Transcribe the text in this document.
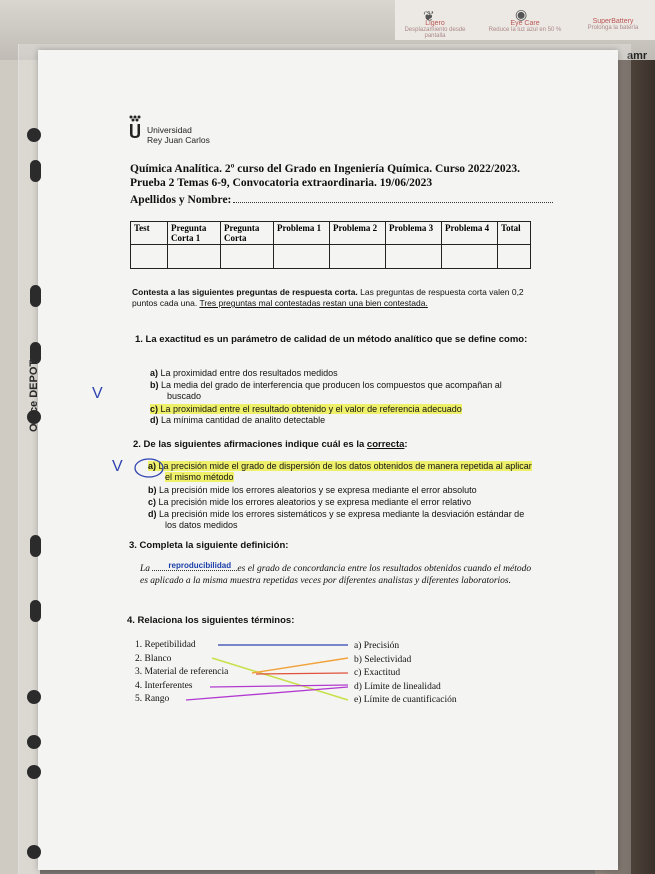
❦
Ligero
Desplazamiento desde pantalla
◉
Eye Care
Reduce la luz azul en 50 %
SuperBattery
Prolonga la batería
amr
Universidad
Rey Juan Carlos
Química Analítica. 2º curso del Grado en Ingeniería Química. Curso 2022/2023.
Prueba 2 Temas 6-9, Convocatoria extraordinaria. 19/06/2023
Apellidos y Nombre:
Test	Pregunta Corta 1	Pregunta Corta	Problema 1	Problema 2	Problema 3	Problema 4	Total

Contesta a las siguientes preguntas de respuesta corta. Las preguntas de respuesta corta valen 0,2 puntos cada una. Tres preguntas mal contestadas restan una bien contestada.
1. La exactitud es un parámetro de calidad de un método analítico que se define como:
a) La proximidad entre dos resultados medidos
b) La media del grado de interferencia que producen los compuestos que acompañan al buscado
c) La proximidad entre el resultado obtenido y el valor de referencia adecuado
d) La mínima cantidad de analito detectable
V
2. De las siguientes afirmaciones indique cuál es la correcta:
a) La precisión mide el grado de dispersión de los datos obtenidos de manera repetida al aplicar el mismo método
b) La precisión mide los errores aleatorios y se expresa mediante el error absoluto
c) La precisión mide los errores aleatorios y se expresa mediante el error relativo
d) La precisión mide los errores sistemáticos y se expresa mediante la desviación estándar de los datos medidos
V
3. Completa la siguiente definición:
La reproducibilidad es el grado de concordancia entre los resultados obtenidos cuando el método es aplicado a la misma muestra repetidas veces por diferentes analistas y diferentes laboratorios.
4. Relaciona los siguientes términos:
1. Repetibilidad
2. Blanco
3. Material de referencia
4. Interferentes
5. Rango
a) Precisión
b) Selectividad
c) Exactitud
d) Límite de linealidad
e) Límite de cuantificación
